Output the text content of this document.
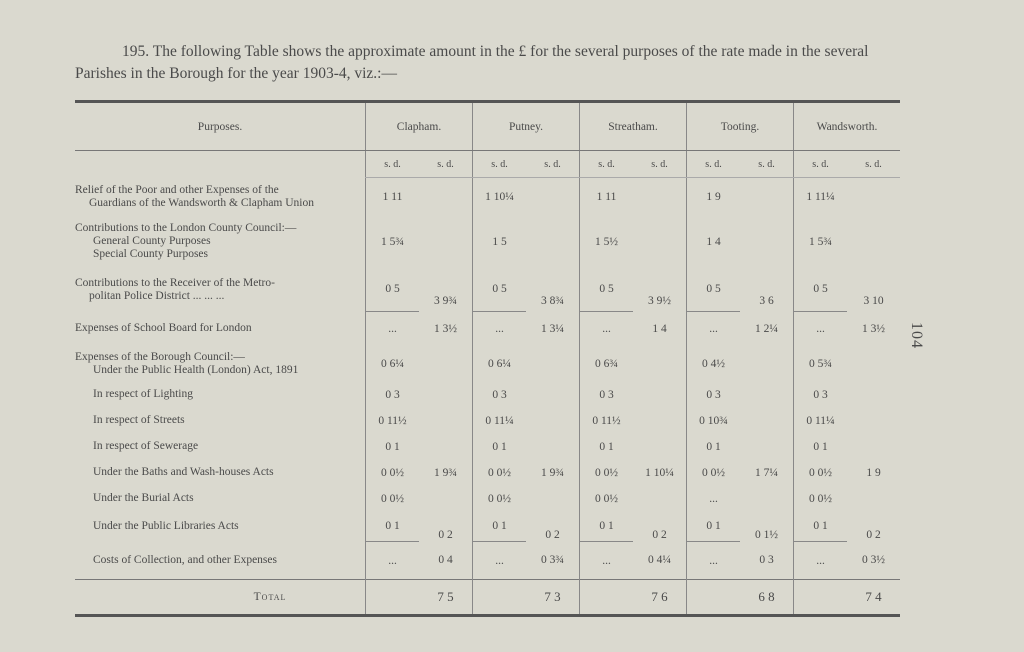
195. The following Table shows the approximate amount in the £ for the several purposes of the rate made in the several Parishes in the Borough for the year 1903-4, viz.:—

104
Purposes.	Clapham.		Putney.		Streatham.		Tooting.		Wandsworth.	
	s. d.	s. d.	s. d.	s. d.	s. d.	s. d.	s. d.	s. d.	s. d.	s. d.

Relief of the Poor and other Expenses of the
Guardians of the Wandsworth & Clapham Union	1 11		1 10¼		1 11		1 9		1 11¼	

Contributions to the London County Council:—
General County Purposes
Special County Purposes	1 5¾		1 5		1 5½		1 4		1 5¾	

Contributions to the Receiver of the Metro-
politan Police District ... ... ...	0 5	3 9¾	0 5	3 8¾	0 5	3 9½	0 5	3 6	0 5	3 10
Expenses of School Board for London	...	1 3½	...	1 3¼	...	1 4	...	1 2¼	...	1 3½

Expenses of the Borough Council:—
Under the Public Health (London) Act, 1891	0 6¼		0 6¼		0 6¾		0 4½		0 5¾	
In respect of Lighting	0 3		0 3		0 3		0 3		0 3	
In respect of Streets	0 11½		0 11¼		0 11½		0 10¾		0 11¼	
In respect of Sewerage	0 1		0 1		0 1		0 1		0 1	
Under the Baths and Wash-houses Acts	0 0½	1 9¾	0 0½	1 9¾	0 0½	1 10¼	0 0½	1 7¼	0 0½	1 9
Under the Burial Acts	0 0½		0 0½		0 0½		...		0 0½	
Under the Public Libraries Acts	0 1	0 2	0 1	0 2	0 1	0 2	0 1	0 1½	0 1	0 2
Costs of Collection, and other Expenses	...	0 4	...	0 3¾	...	0 4¼	...	0 3	...	0 3½
Total		7 5		7 3		7 6		6 8		7 4
